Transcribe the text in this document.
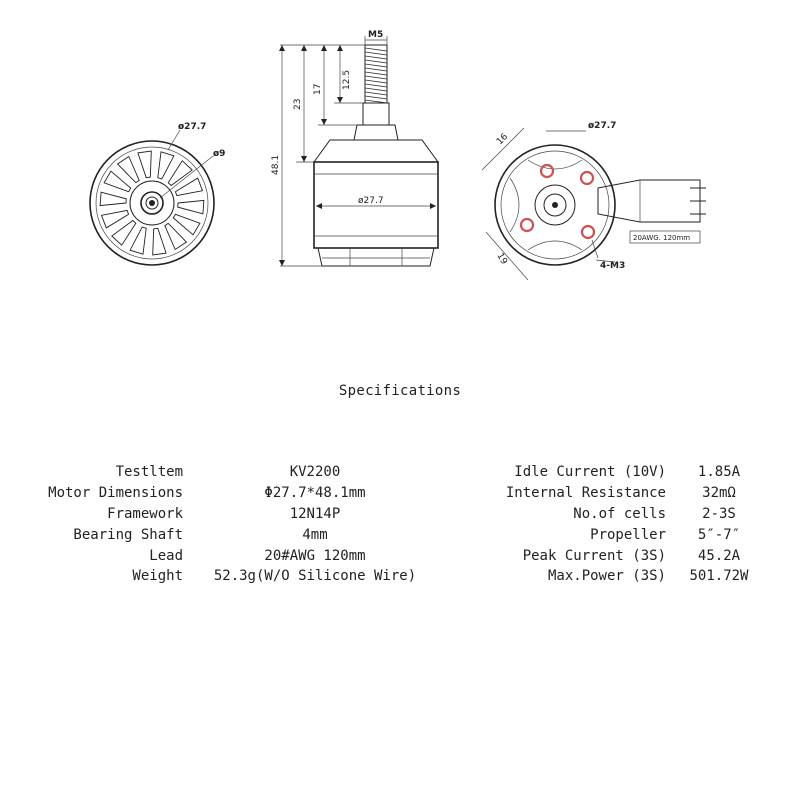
ø27.7
ø9
ø27.7
48.1
23
17 12.5
M5
20AWG. 120mm
ø27.7
16
19	4-M3
Specifications
Testltem	KV2200
Motor Dimensions	Φ27.7*48.1mm
Framework	12N14P
Bearing Shaft	4mm
Lead	20#AWG 120mm
Weight	52.3g(W/O Silicone Wire)
Idle Current (10V)	1.85A
Internal Resistance	32mΩ
No.of cells	2-3S
Propeller	5″-7″
Peak Current (3S)	45.2A
Max.Power (3S)	501.72W
